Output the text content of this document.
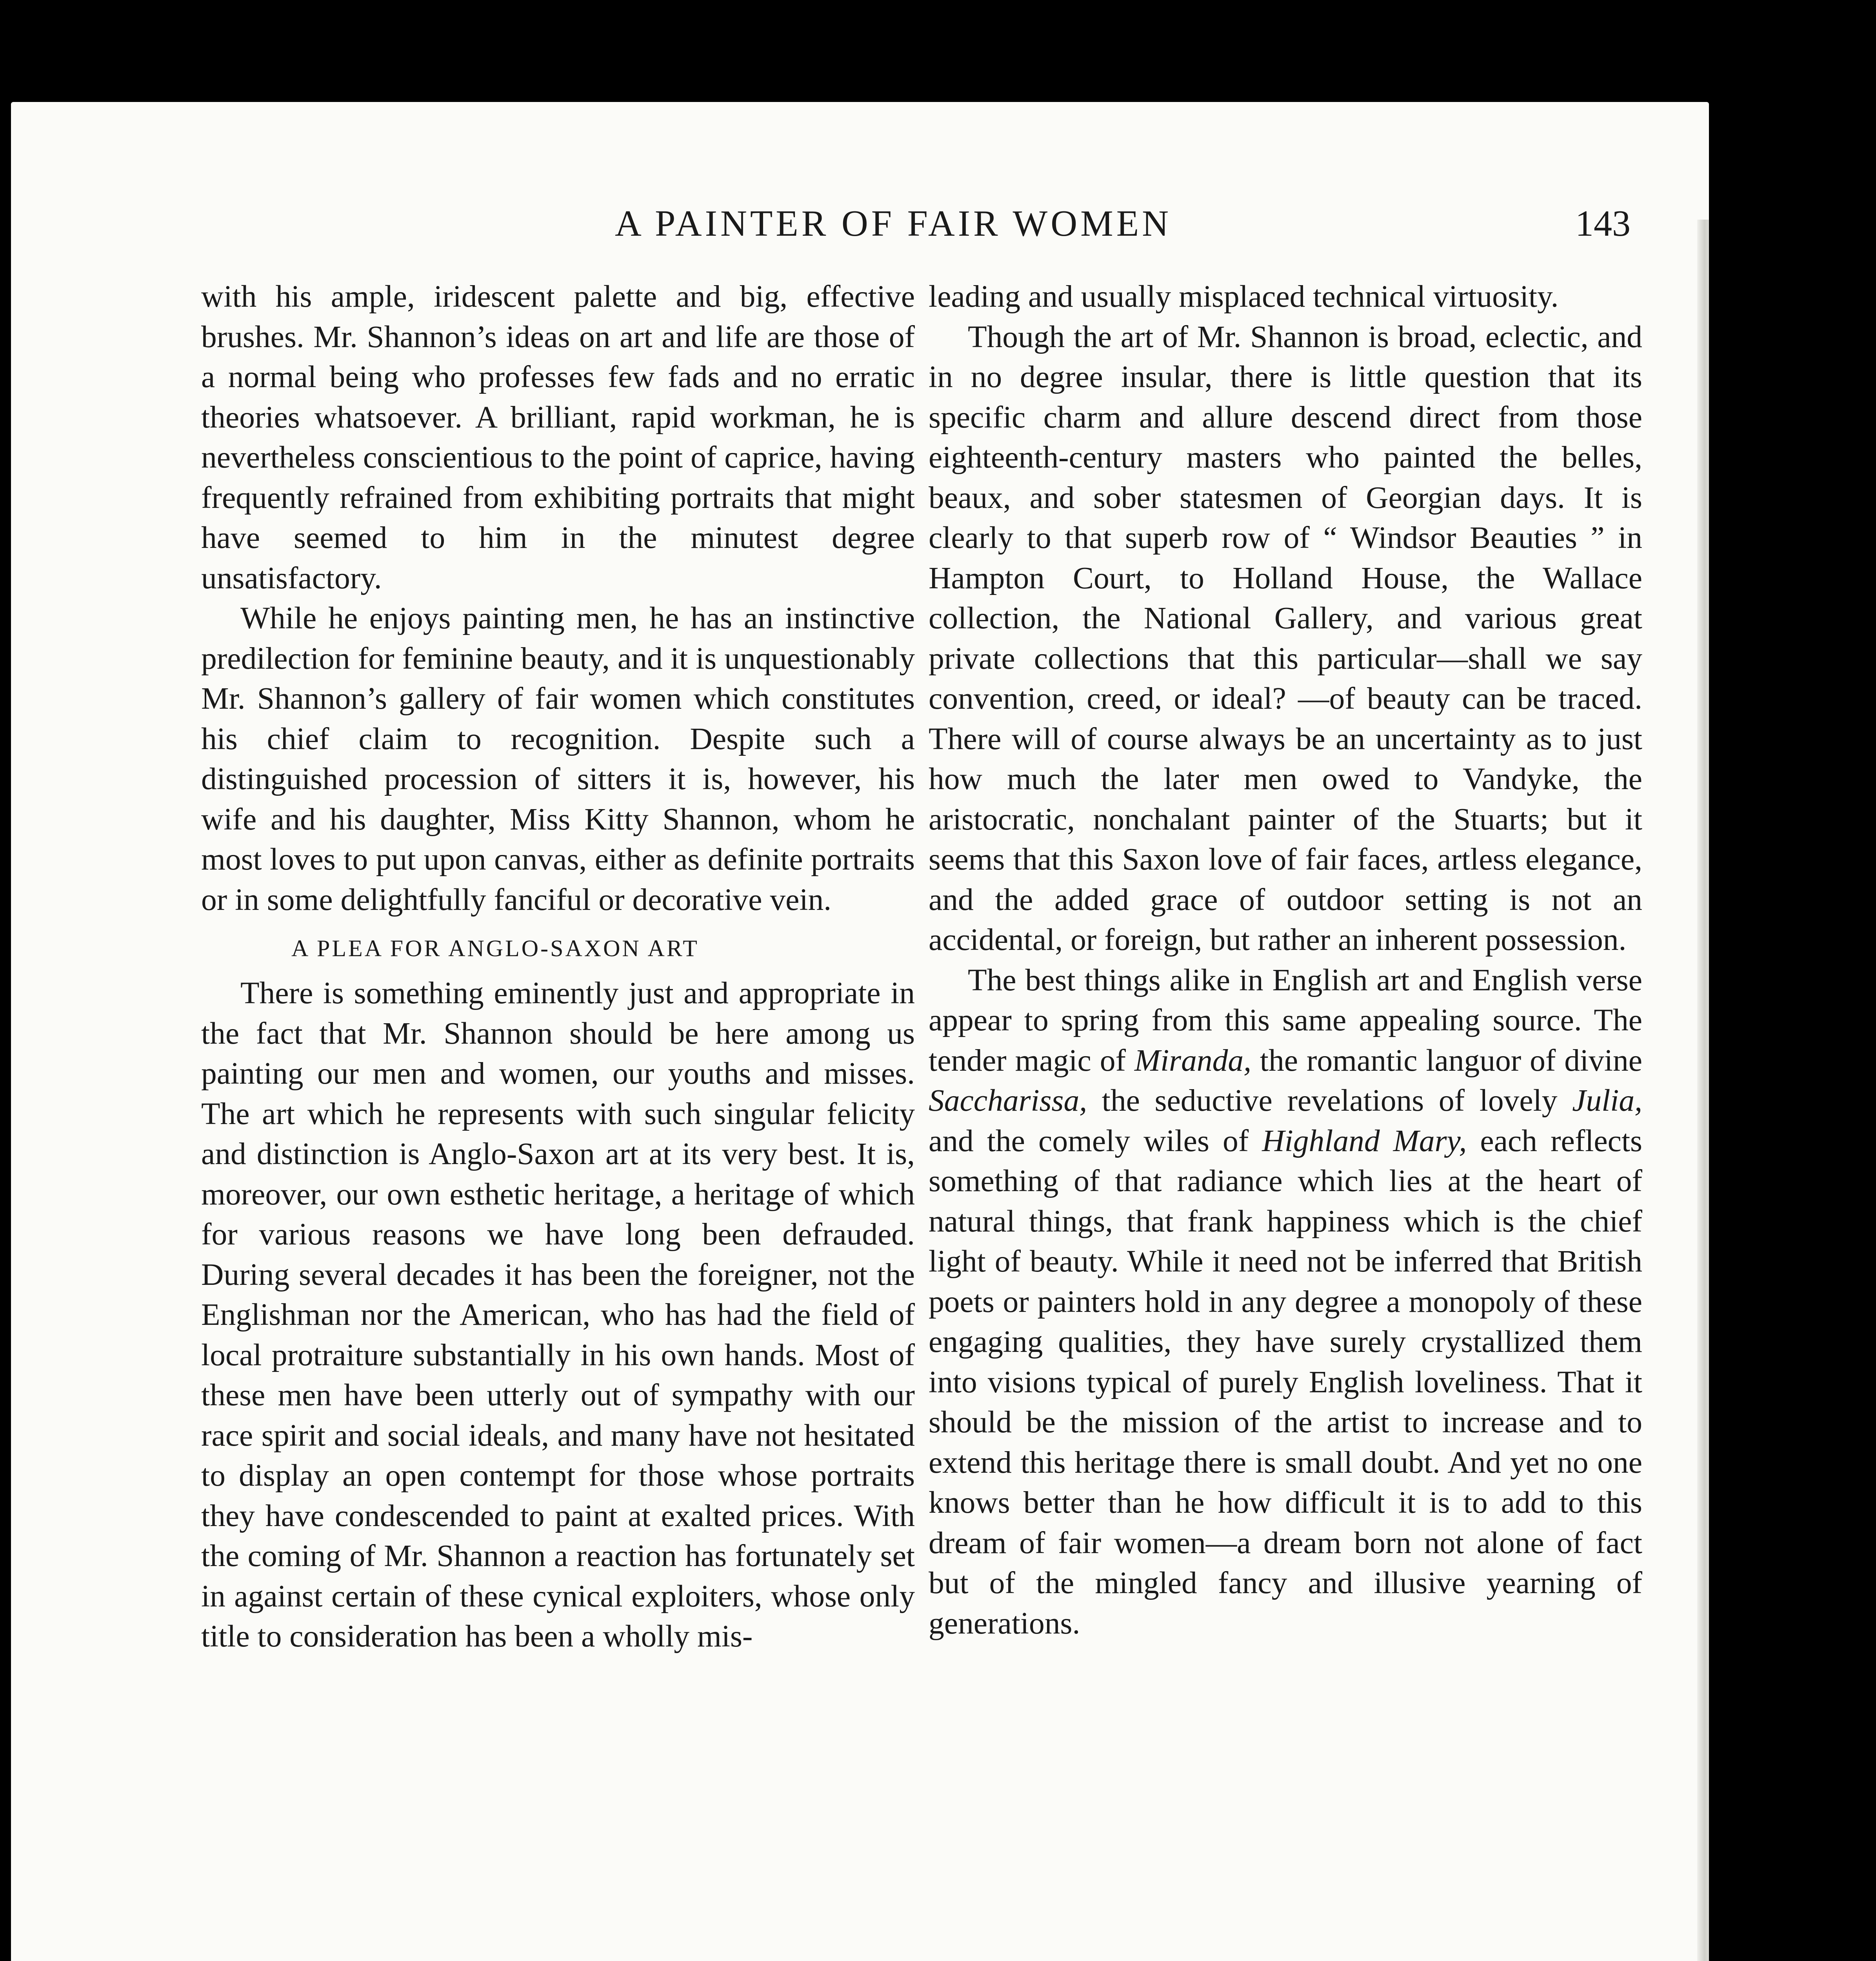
A PAINTER OF FAIR WOMEN	143

with his ample, iridescent palette and big, effective brushes. Mr. Shannon’s ideas on art and life are those of a normal being who professes few fads and no erratic theories whatsoever. A brilliant, rapid workman, he is nevertheless conscientious to the point of caprice, having frequently refrained from exhibiting portraits that might have seemed to him in the minutest degree unsatisfactory.

While he enjoys painting men, he has an instinctive predilection for feminine beauty, and it is unquestionably Mr. Shannon’s gallery of fair women which constitutes his chief claim to recognition. Despite such a distinguished procession of sitters it is, however, his wife and his daughter, Miss Kitty Shannon, whom he most loves to put upon canvas, either as definite portraits or in some delightfully fanciful or decorative vein.

A PLEA FOR ANGLO-SAXON ART

There is something eminently just and appropriate in the fact that Mr. Shannon should be here among us painting our men and women, our youths and misses. The art which he represents with such singular felicity and distinction is Anglo-Saxon art at its very best. It is, moreover, our own esthetic heritage, a heritage of which for various reasons we have long been defrauded. During several decades it has been the foreigner, not the Englishman nor the American, who has had the field of local protraiture substantially in his own hands. Most of these men have been utterly out of sympathy with our race spirit and social ideals, and many have not hesitated to display an open contempt for those whose portraits they have condescended to paint at exalted prices. With the coming of Mr. Shannon a reaction has fortunately set in against certain of these cynical exploiters, whose only title to consideration has been a wholly mis-

leading and usually misplaced technical virtuosity.

Though the art of Mr. Shannon is broad, eclectic, and in no degree insular, there is little question that its specific charm and allure descend direct from those eighteenth-century masters who painted the belles, beaux, and sober statesmen of Georgian days. It is clearly to that superb row of “ Windsor Beauties ” in Hampton Court, to Holland House, the Wallace collection, the National Gallery, and various great private collections that this particular—shall we say convention, creed, or ideal? —of beauty can be traced. There will of course always be an uncertainty as to just how much the later men owed to Vandyke, the aristocratic, nonchalant painter of the Stuarts; but it seems that this Saxon love of fair faces, artless elegance, and the added grace of outdoor setting is not an accidental, or foreign, but rather an inherent possession.

The best things alike in English art and English verse appear to spring from this same appealing source. The tender magic of Miranda, the romantic languor of divine Saccharissa, the seductive revelations of lovely Julia, and the comely wiles of Highland Mary, each reflects something of that radiance which lies at the heart of natural things, that frank happiness which is the chief light of beauty. While it need not be inferred that British poets or painters hold in any degree a monopoly of these engaging qualities, they have surely crystallized them into visions typical of purely English loveliness. That it should be the mission of the artist to increase and to extend this heritage there is small doubt. And yet no one knows better than he how difficult it is to add to this dream of fair women—a dream born not alone of fact but of the mingled fancy and illusive yearning of generations.
